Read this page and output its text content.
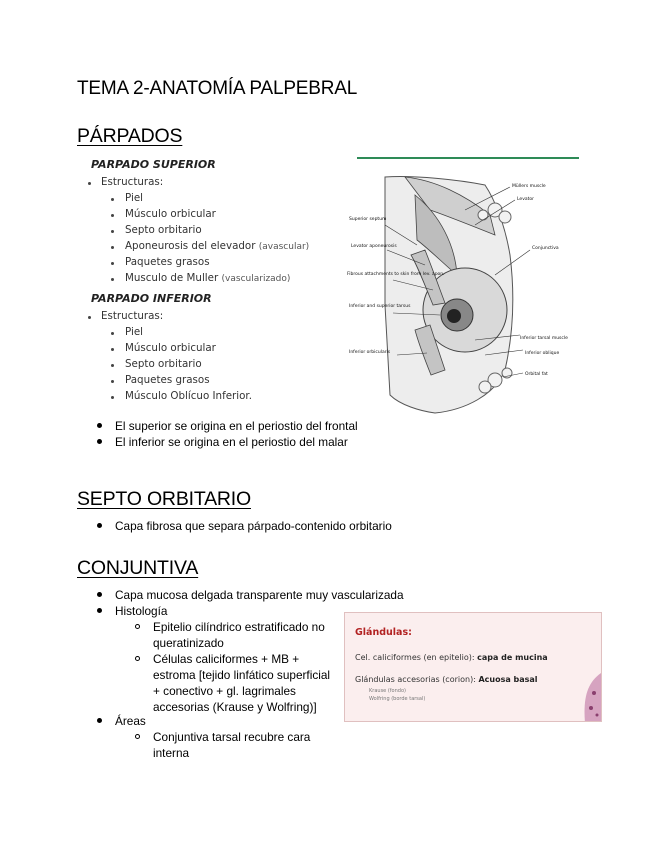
TEMA 2-ANATOMÍA PALPEBRAL
PÁRPADOS
PARPADO SUPERIOR
Estructuras:
Piel
Músculo orbicular
Septo orbitario
Aponeurosis del elevador (avascular)
Paquetes grasos
Musculo de Muller (vascularizado)
PARPADO INFERIOR
Estructuras:
Piel
Músculo orbicular
Septo orbitario
Paquetes grasos
Músculo Oblícuo Inferior.
Müllers muscle
Levator
Superior septum
Levator aponeurosis
Fibrous attachments to skin from lev. apon.
Inferior and superior tarsus
Conjunctiva
Inferior tarsal muscle
Inferior oblique
Orbital fat
Inferior orbicularis
El superior se origina en el periostio del frontal
El inferior se origina en el periostio del malar
SEPTO ORBITARIO
Capa fibrosa que separa párpado-contenido orbitario
CONJUNTIVA
Capa mucosa delgada transparente muy vascularizada
Histología
Epitelio cilíndrico estratificado no
queratinizado
Células caliciformes + MB +
estroma [tejido linfático superficial
+ conectivo + gl. lagrimales
accesorias (Krause y Wolfring)]
Áreas
Conjuntiva tarsal recubre cara
interna
Glándulas:
Cel. caliciformes (en epitelio): capa de mucina
Glándulas accesorias (corion): Acuosa basal
Krause (fondo)
Wolfring (borde tarsal)
